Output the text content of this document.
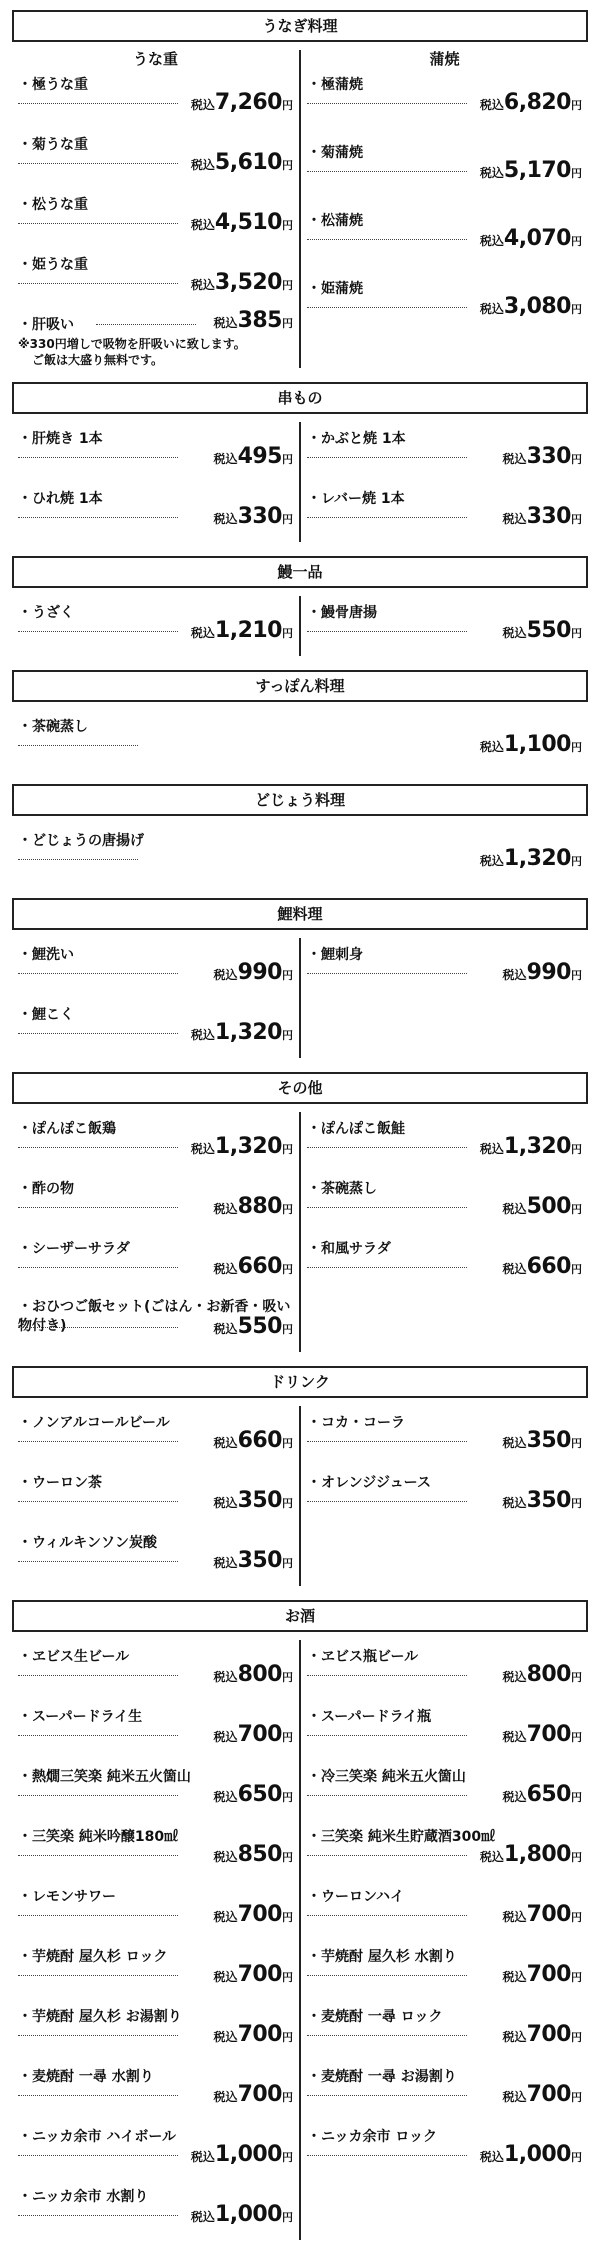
うなぎ料理
うな重
・極うな重
税込7,260円
・菊うな重
税込5,610円
・松うな重
税込4,510円
・姫うな重
税込3,520円
・肝吸い	税込385円
※330円増しで吸物を肝吸いに致します。
ご飯は大盛り無料です。
蒲焼
・極蒲焼
税込6,820円
・菊蒲焼
税込5,170円
・松蒲焼
税込4,070円
・姫蒲焼
税込3,080円
串もの
・肝焼き 1本
税込495円
・ひれ焼 1本
税込330円
・かぶと焼 1本
税込330円
・レバー焼 1本
税込330円
鰻一品
・うざく
税込1,210円
・鰻骨唐揚
税込550円
すっぽん料理
・茶碗蒸し
税込1,100円
どじょう料理
・どじょうの唐揚げ
税込1,320円
鯉料理
・鯉洗い
税込990円
・鯉こく
税込1,320円
・鯉刺身
税込990円
その他
・ぽんぽこ飯鶏
税込1,320円
・酢の物
税込880円
・シーザーサラダ
税込660円
・おひつご飯セット(ごはん・お新香・吸い物付き)	税込550円
・ぽんぽこ飯鮭
税込1,320円
・茶碗蒸し
税込500円
・和風サラダ
税込660円
ドリンク
・ノンアルコールビール
税込660円
・ウーロン茶
税込350円
・ウィルキンソン炭酸
税込350円
・コカ・コーラ
税込350円
・オレンジジュース
税込350円
お酒
・ヱビス生ビール
税込800円
・スーパードライ生
税込700円
・熱燗三笑楽 純米五火箇山
税込650円
・三笑楽 純米吟醸180㎖
税込850円
・レモンサワー
税込700円
・芋焼酎 屋久杉 ロック
税込700円
・芋焼酎 屋久杉 お湯割り
税込700円
・麦焼酎 一尋 水割り
税込700円
・ニッカ余市 ハイボール
税込1,000円
・ニッカ余市 水割り
税込1,000円
・ヱビス瓶ビール
税込800円
・スーパードライ瓶
税込700円
・冷三笑楽 純米五火箇山
税込650円
・三笑楽 純米生貯蔵酒300㎖
税込1,800円
・ウーロンハイ
税込700円
・芋焼酎 屋久杉 水割り
税込700円
・麦焼酎 一尋 ロック
税込700円
・麦焼酎 一尋 お湯割り
税込700円
・ニッカ余市 ロック
税込1,000円
